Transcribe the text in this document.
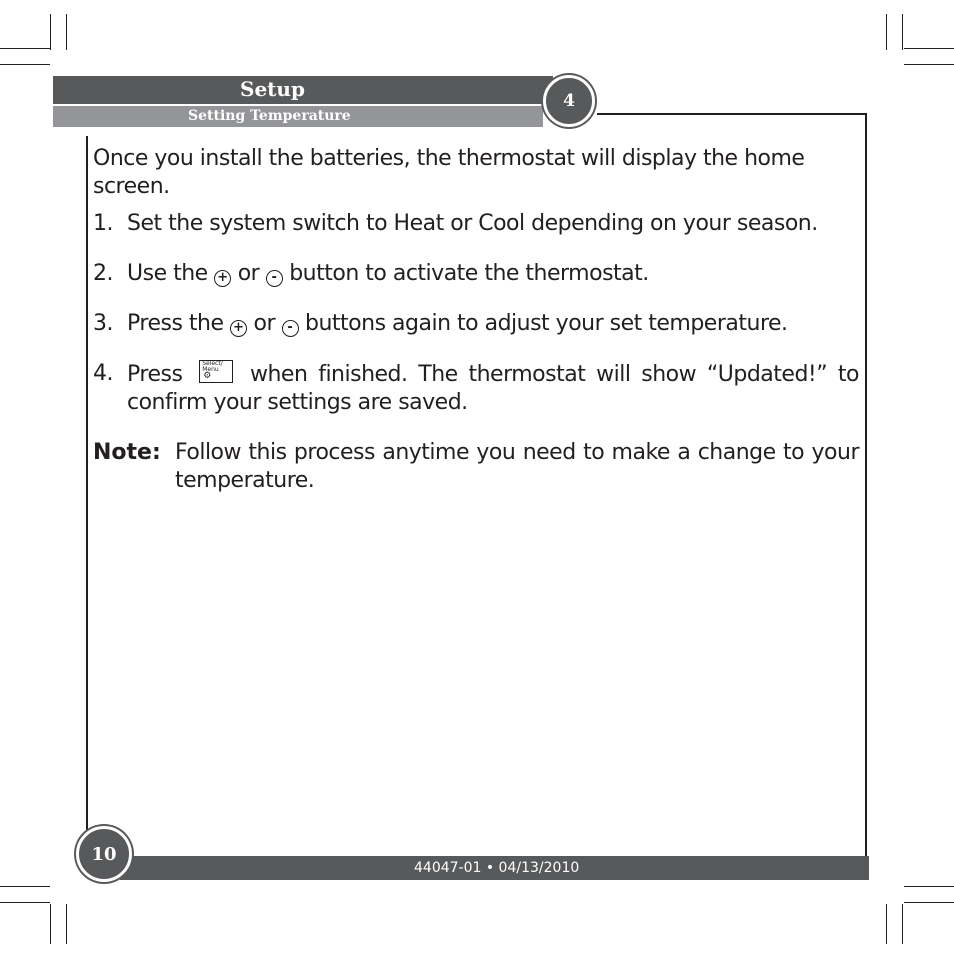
Setup
Setting Temperature
4

Once you install the batteries, the thermostat will display the home screen.

1. Set the system switch to Heat or Cool depending on your season.
2. Use the + or - button to activate the thermostat.
3. Press the + or - buttons again to adjust your set temperature.
4. Press	Select/ Menu
⚙ when finished. The thermostat will show “Updated!” to confirm your settings are saved.
Note: Follow this process anytime you need to make a change to your temperature.
44047-01 • 04/13/2010
10
